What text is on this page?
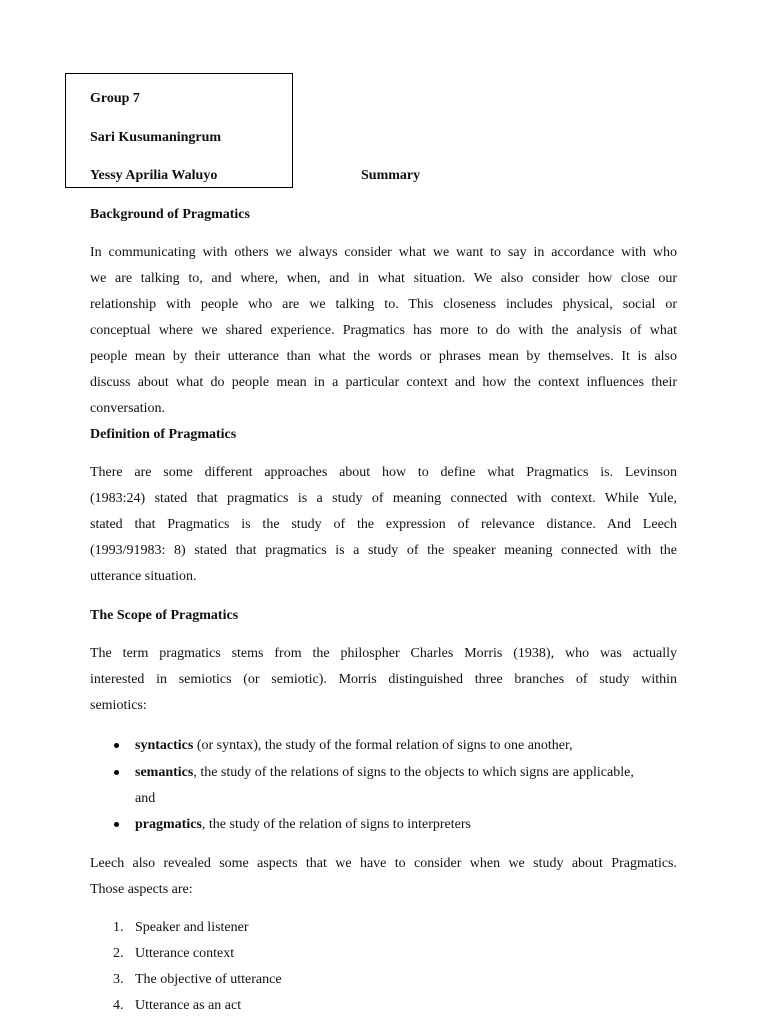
Group 7
Sari Kusumaningrum
Yessy Aprilia Waluyo	Summary
Background of Pragmatics
In communicating with others we always consider what we want to say in accordance with who
we are talking to, and where, when, and in what situation. We also consider how close our
relationship with people who are we talking to. This closeness includes physical, social or
conceptual where we shared experience. Pragmatics has more to do with the analysis of what
people mean by their utterance than what the words or phrases mean by themselves. It is also
discuss about what do people mean in a particular context and how the context influences their
conversation.
Definition of Pragmatics
There are some different approaches about how to define what Pragmatics is. Levinson
(1983:24) stated that pragmatics is a study of meaning connected with context. While Yule,
stated that Pragmatics is the study of the expression of relevance distance. And Leech
(1993/91983: 8) stated that pragmatics is a study of the speaker meaning connected with the
utterance situation.
The Scope of Pragmatics
The term pragmatics stems from the philospher Charles Morris (1938), who was actually
interested in semiotics (or semiotic). Morris distinguished three branches of study within
semiotics:
syntactics (or syntax), the study of the formal relation of signs to one another,
semantics, the study of the relations of signs to the objects to which signs are applicable,
and
pragmatics, the study of the relation of signs to interpreters
Leech also revealed some aspects that we have to consider when we study about Pragmatics.
Those aspects are:
1. Speaker and listener
2. Utterance context
3. The objective of utterance
4. Utterance as an act
